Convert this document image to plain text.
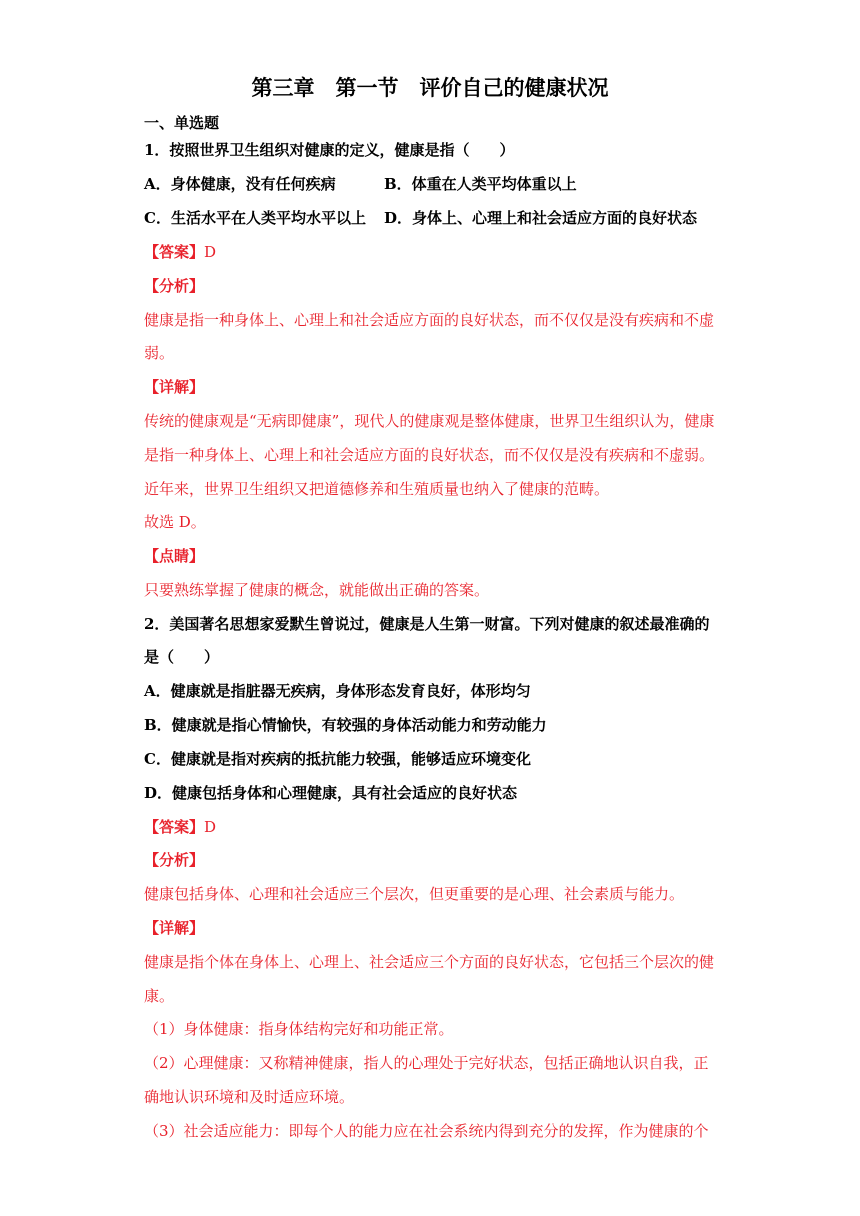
第三章　第一节　评价自己的健康状况
一、单选题
1．按照世界卫生组织对健康的定义，健康是指（　　）
A．身体健康，没有任何疾病	B．体重在人类平均体重以上
C．生活水平在人类平均水平以上 D．身体上、心理上和社会适应方面的良好状态
【答案】D
【分析】
健康是指一种身体上、心理上和社会适应方面的良好状态，而不仅仅是没有疾病和不虚
弱。
【详解】
传统的健康观是“无病即健康”，现代人的健康观是整体健康，世界卫生组织认为，健康
是指一种身体上、心理上和社会适应方面的良好状态，而不仅仅是没有疾病和不虚弱。
近年来，世界卫生组织又把道德修养和生殖质量也纳入了健康的范畴。
故选 D。
【点睛】
只要熟练掌握了健康的概念，就能做出正确的答案。
2．美国著名思想家爱默生曾说过，健康是人生第一财富。下列对健康的叙述最准确的
是（　　）
A．健康就是指脏器无疾病，身体形态发育良好，体形均匀
B．健康就是指心情愉快，有较强的身体活动能力和劳动能力
C．健康就是指对疾病的抵抗能力较强，能够适应环境变化
D．健康包括身体和心理健康，具有社会适应的良好状态
【答案】D
【分析】
健康包括身体、心理和社会适应三个层次，但更重要的是心理、社会素质与能力。
【详解】
健康是指个体在身体上、心理上、社会适应三个方面的良好状态，它包括三个层次的健
康。
（1）身体健康：指身体结构完好和功能正常。
（2）心理健康：又称精神健康，指人的心理处于完好状态，包括正确地认识自我，正
确地认识环境和及时适应环境。
（3）社会适应能力：即每个人的能力应在社会系统内得到充分的发挥，作为健康的个
